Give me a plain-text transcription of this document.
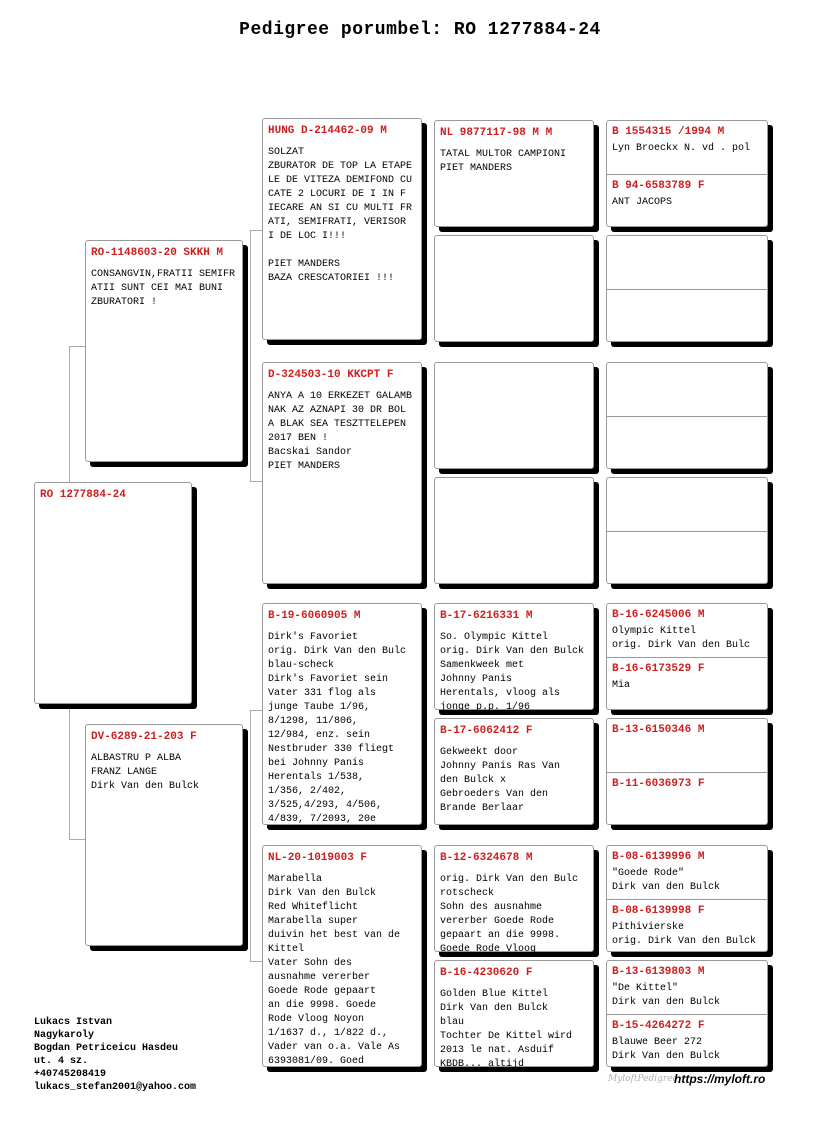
Pedigree porumbel: RO 1277884-24
RO 1277884-24
RO-1148603-20 SKKH M
CONSANGVIN,FRATII SEMIFR
ATII SUNT CEI MAI BUNI
ZBURATORI !
DV-6289-21-203 F
ALBASTRU P ALBA
FRANZ LANGE
Dirk Van den Bulck
HUNG D-214462-09 M
SOLZAT
ZBURATOR DE TOP LA ETAPE
LE DE VITEZA DEMIFOND CU
CATE 2 LOCURI DE I IN F
IECARE AN SI CU MULTI FR
ATI, SEMIFRATI, VERISOR
I DE LOC I!!!

PIET MANDERS
BAZA CRESCATORIEI !!!
D-324503-10 KKCPT F
ANYA A 10 ERKEZET GALAMB
NAK AZ AZNAPI 30 DR BOL
A BLAK SEA TESZTTELEPEN
2017 BEN !
Bacskai Sandor
PIET MANDERS
B-19-6060905 M
Dirk's Favoriet
orig. Dirk Van den Bulc
blau-scheck
Dirk's Favoriet sein
Vater 331 flog als
junge Taube 1/96,
8/1298, 11/806,
12/984, enz. sein
Nestbruder 330 fliegt
bei Johnny Panis
Herentals 1/538,
1/356, 2/402,
3/525,4/293, 4/506,
4/839, 7/2093, 20e
NL-20-1019003 F
Marabella
Dirk Van den Bulck
Red Whiteflicht
Marabella super
duivin het best van de
Kittel
Vater Sohn des
ausnahme vererber
Goede Rode gepaart
an die 9998. Goede
Rode Vloog Noyon
1/1637 d., 1/822 d.,
Vader van o.a. Vale As
6393081/09. Goed
NL 9877117-98 M M
TATAL MULTOR CAMPIONI
PIET MANDERS
B-17-6216331 M
So. Olympic Kittel
orig. Dirk Van den Bulck
Samenkweek met
Johnny Panis
Herentals, vloog als
jonge p.p. 1/96
B-17-6062412 F
Gekweekt door
Johnny Panis Ras Van
den Bulck x
Gebroeders Van den
Brande Berlaar
B-12-6324678 M
orig. Dirk Van den Bulc
rotscheck
Sohn des ausnahme
vererber Goede Rode
gepaart an die 9998.
Goede Rode Vloog
B-16-4230620 F
Golden Blue Kittel
Dirk Van den Bulck
blau
Tochter De Kittel wird
2013 le nat. Asduif
KBDB... altijd
B 1554315 /1994 M
Lyn Broeckx N. vd . pol
B 94-6583789 F
ANT JACOPS
B-16-6245006 M
Olympic Kittel
orig. Dirk Van den Bulc
B-16-6173529 F
Mia
B-13-6150346 M
B-11-6036973 F
B-08-6139996 M
"Goede Rode"
Dirk van den Bulck
B-08-6139998 F
Pithivierske
orig. Dirk Van den Bulck
B-13-6139803 M
"De Kittel"
Dirk van den Bulck
B-15-4264272 F
Blauwe Beer 272
Dirk Van den Bulck
Lukacs Istvan
Nagykaroly
Bogdan Petriceicu Hasdeu
ut. 4 sz.
+40745208419
lukacs_stefan2001@yahoo.com
MyloftPedigree
https://myloft.ro
